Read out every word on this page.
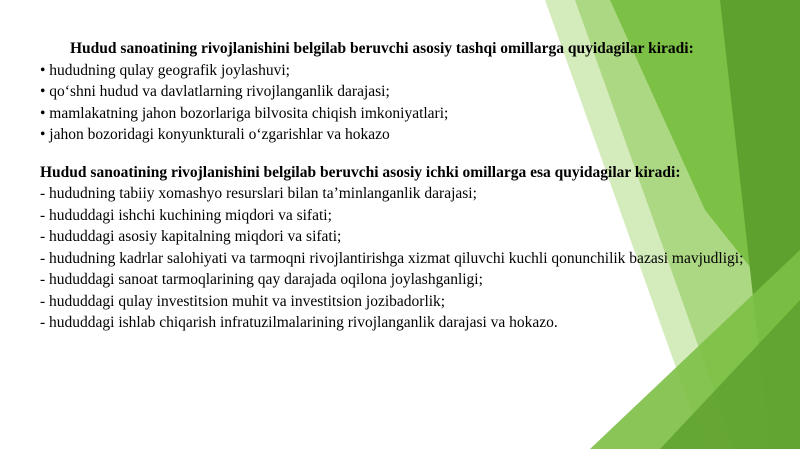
Hudud sanoatining rivojlanishini belgilab beruvchi asosiy tashqi omillarga quyidagilar kiradi:

• hududning qulay geografik joylashuvi;
• qo‘shni hudud va davlatlarning rivojlanganlik darajasi;
• mamlakatning jahon bozorlariga bilvosita chiqish imkoniyatlari;
• jahon bozoridagi konyunkturali o‘zgarishlar va hokazo

Hudud sanoatining rivojlanishini belgilab beruvchi asosiy ichki omillarga esa quyidagilar kiradi:

- hududning tabiiy xomashyo resurslari bilan ta’minlanganlik darajasi;
- hududdagi ishchi kuchining miqdori va sifati;
- hududdagi asosiy kapitalning miqdori va sifati;
- hududning kadrlar salohiyati va tarmoqni rivojlantirishga xizmat qiluvchi kuchli qonunchilik bazasi mavjudligi;
- hududdagi sanoat tarmoqlarining qay darajada oqilona joylashganligi;
- hududdagi qulay investitsion muhit va investitsion jozibadorlik;
- hududdagi ishlab chiqarish infratuzilmalarining rivojlanganlik darajasi va hokazo.
